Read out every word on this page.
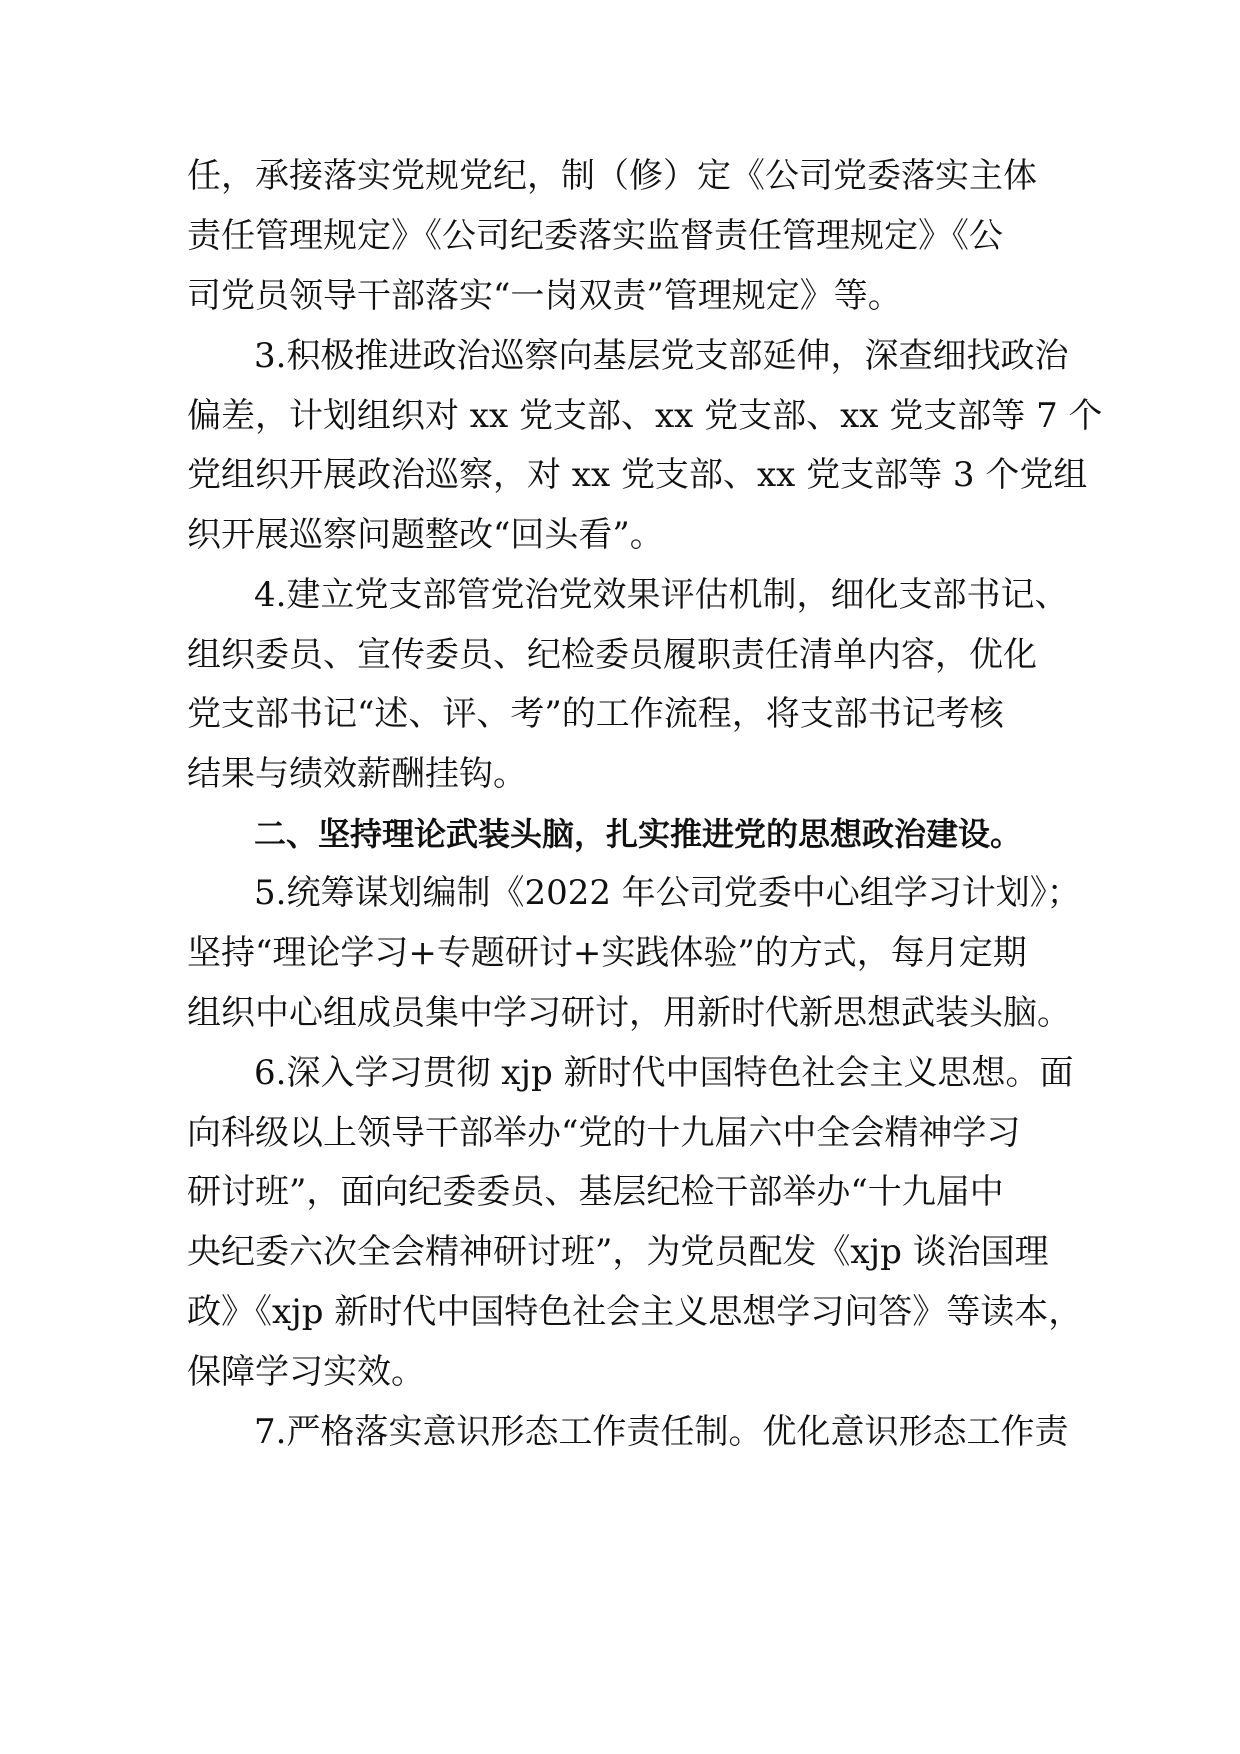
任，承接落实党规党纪，制（修）定《公司党委落实主体
责任管理规定》《公司纪委落实监督责任管理规定》《公
司党员领导干部落实“一岗双责”管理规定》等。
3.积极推进政治巡察向基层党支部延伸，深查细找政治
偏差，计划组织对 xx 党支部、xx 党支部、xx 党支部等 7 个
党组织开展政治巡察，对 xx 党支部、xx 党支部等 3 个党组
织开展巡察问题整改“回头看”。
4.建立党支部管党治党效果评估机制，细化支部书记、
组织委员、宣传委员、纪检委员履职责任清单内容，优化
党支部书记“述、评、考”的工作流程，将支部书记考核
结果与绩效薪酬挂钩。
二、坚持理论武装头脑，扎实推进党的思想政治建设。
5.统筹谋划编制《2022 年公司党委中心组学习计划》；
坚持“理论学习+专题研讨+实践体验”的方式，每月定期
组织中心组成员集中学习研讨，用新时代新思想武装头脑。
6.深入学习贯彻 xjp 新时代中国特色社会主义思想。面
向科级以上领导干部举办“党的十九届六中全会精神学习
研讨班”，面向纪委委员、基层纪检干部举办“十九届中
央纪委六次全会精神研讨班”，为党员配发《xjp 谈治国理
政》《xjp 新时代中国特色社会主义思想学习问答》等读本，
保障学习实效。
7.严格落实意识形态工作责任制。优化意识形态工作责
